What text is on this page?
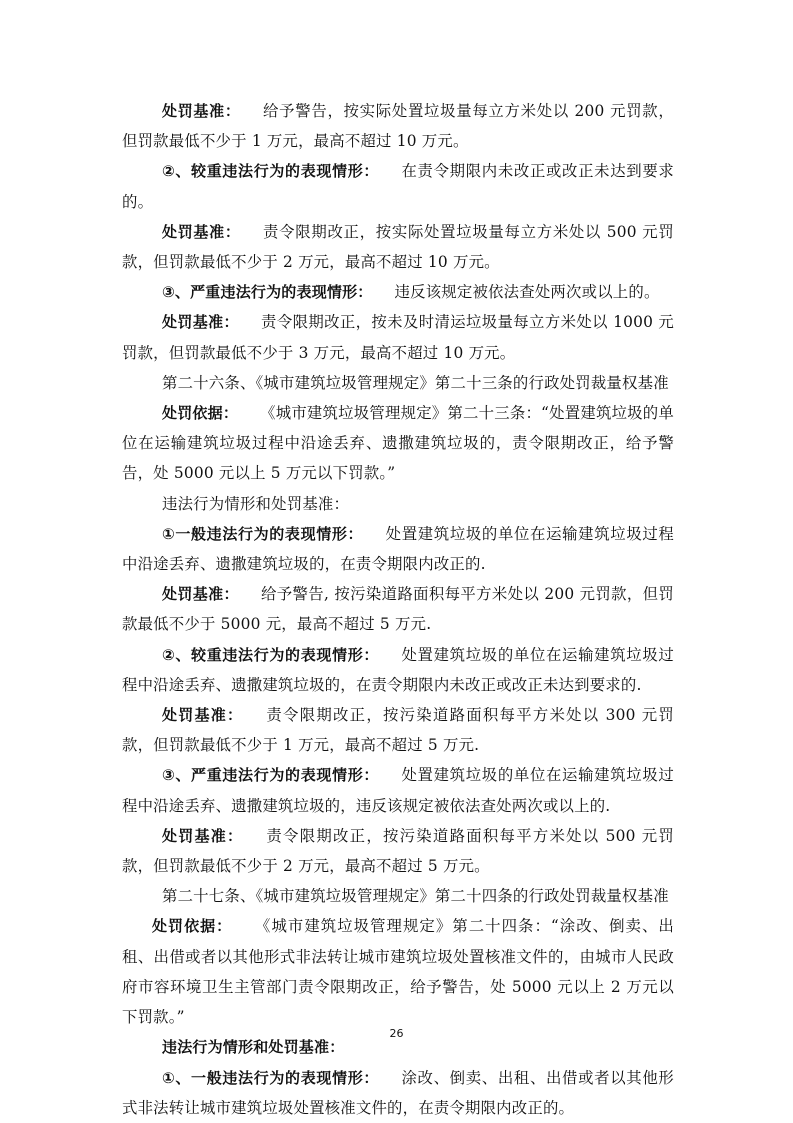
处罚基准： 给予警告，按实际处置垃圾量每立方米处以 200 元罚款，但罚款最低不少于 1 万元，最高不超过 10 万元。

②、较重违法行为的表现情形： 在责令期限内未改正或改正未达到要求的。

处罚基准： 责令限期改正，按实际处置垃圾量每立方米处以 500 元罚款，但罚款最低不少于 2 万元，最高不超过 10 万元。

③、严重违法行为的表现情形： 违反该规定被依法查处两次或以上的。

处罚基准： 责令限期改正，按未及时清运垃圾量每立方米处以 1000 元罚款，但罚款最低不少于 3 万元，最高不超过 10 万元。

第二十六条、《城市建筑垃圾管理规定》第二十三条的行政处罚裁量权基准

处罚依据： 《城市建筑垃圾管理规定》第二十三条：“处置建筑垃圾的单位在运输建筑垃圾过程中沿途丢弃、遗撒建筑垃圾的，责令限期改正，给予警告，处 5000 元以上 5 万元以下罚款。”

违法行为情形和处罚基准：

①一般违法行为的表现情形： 处置建筑垃圾的单位在运输建筑垃圾过程中沿途丢弃、遗撒建筑垃圾的，在责令期限内改正的.

处罚基准： 给予警告, 按污染道路面积每平方米处以 200 元罚款，但罚款最低不少于 5000 元，最高不超过 5 万元.

②、较重违法行为的表现情形： 处置建筑垃圾的单位在运输建筑垃圾过程中沿途丢弃、遗撒建筑垃圾的，在责令期限内未改正或改正未达到要求的.

处罚基准： 责令限期改正，按污染道路面积每平方米处以 300 元罚款，但罚款最低不少于 1 万元，最高不超过 5 万元.

③、严重违法行为的表现情形： 处置建筑垃圾的单位在运输建筑垃圾过程中沿途丢弃、遗撒建筑垃圾的，违反该规定被依法查处两次或以上的.

处罚基准： 责令限期改正，按污染道路面积每平方米处以 500 元罚款，但罚款最低不少于 2 万元，最高不超过 5 万元。

第二十七条、《城市建筑垃圾管理规定》第二十四条的行政处罚裁量权基准

处罚依据： 《城市建筑垃圾管理规定》第二十四条：“涂改、倒卖、出租、出借或者以其他形式非法转让城市建筑垃圾处置核准文件的，由城市人民政府市容环境卫生主管部门责令限期改正，给予警告，处 5000 元以上 2 万元以下罚款。”

违法行为情形和处罚基准：

①、一般违法行为的表现情形： 涂改、倒卖、出租、出借或者以其他形式非法转让城市建筑垃圾处置核准文件的，在责令期限内改正的。

26
